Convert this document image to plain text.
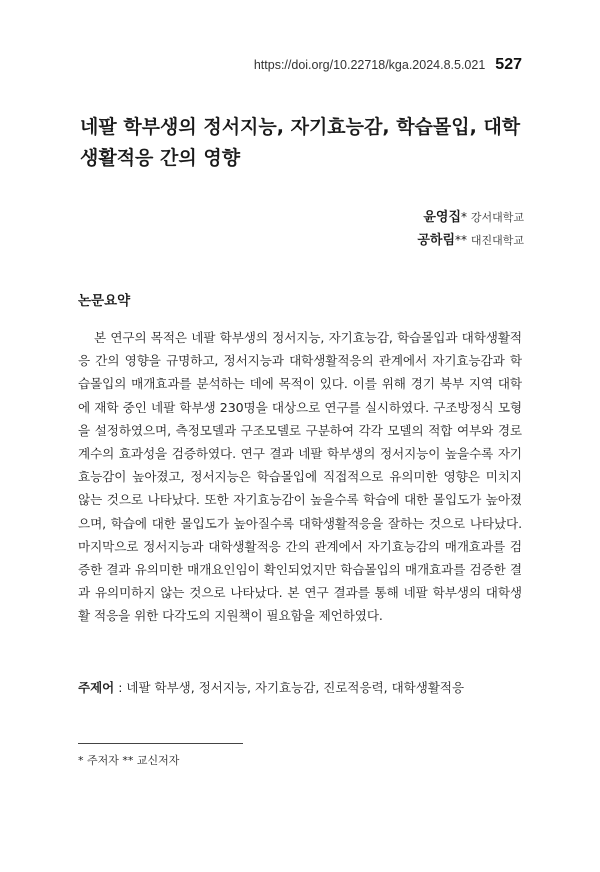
https://doi.org/10.22718/kga.2024.8.5.021 527
네팔 학부생의 정서지능, 자기효능감, 학습몰입, 대학생활적응 간의 영향
윤영집* 강서대학교
공하림** 대진대학교
논문요약

본 연구의 목적은 네팔 학부생의 정서지능, 자기효능감, 학습몰입과 대학생활적응 간의 영향을 규명하고, 정서지능과 대학생활적응의 관계에서 자기효능감과 학습몰입의 매개효과를 분석하는 데에 목적이 있다. 이를 위해 경기 북부 지역 대학에 재학 중인 네팔 학부생 230명을 대상으로 연구를 실시하였다. 구조방정식 모형을 설정하였으며, 측정모델과 구조모델로 구분하여 각각 모델의 적합 여부와 경로계수의 효과성을 검증하였다. 연구 결과 네팔 학부생의 정서지능이 높을수록 자기효능감이 높아졌고, 정서지능은 학습몰입에 직접적으로 유의미한 영향은 미치지 않는 것으로 나타났다. 또한 자기효능감이 높을수록 학습에 대한 몰입도가 높아졌으며, 학습에 대한 몰입도가 높아질수록 대학생활적응을 잘하는 것으로 나타났다. 마지막으로 정서지능과 대학생활적응 간의 관계에서 자기효능감의 매개효과를 검증한 결과 유의미한 매개요인임이 확인되었지만 학습몰입의 매개효과를 검증한 결과 유의미하지 않는 것으로 나타났다. 본 연구 결과를 통해 네팔 학부생의 대학생활 적응을 위한 다각도의 지원책이 필요함을 제언하였다.

주제어 : 네팔 학부생, 정서지능, 자기효능감, 진로적응력, 대학생활적응
* 주저자 ** 교신저자
